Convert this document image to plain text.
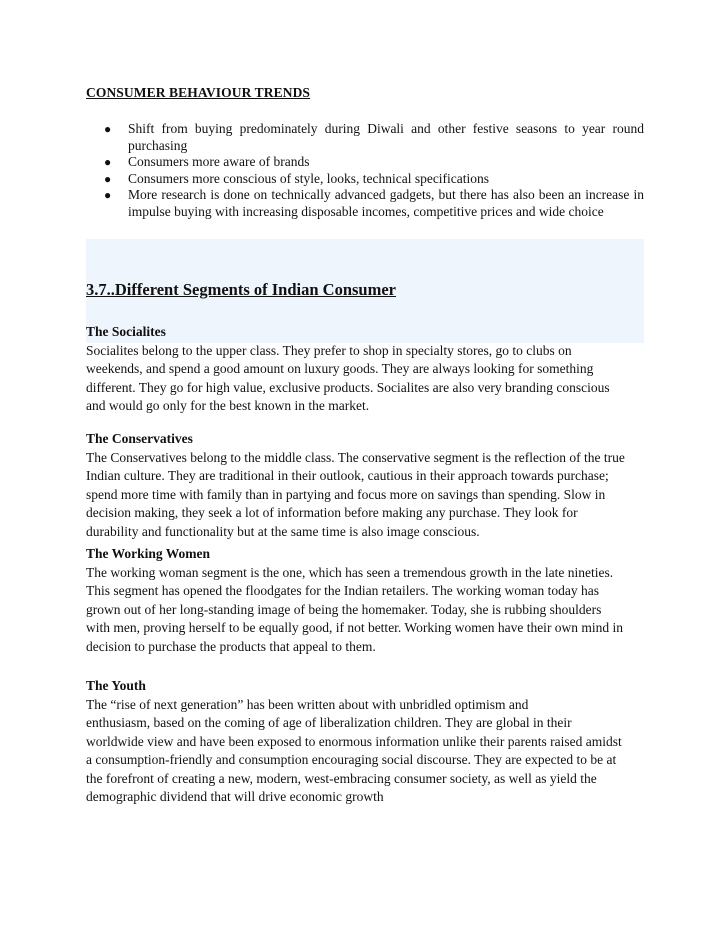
CONSUMER BEHAVIOUR TRENDS
● Shift from buying predominately during Diwali and other festive seasons to year round purchasing
● Consumers more aware of brands
● Consumers more conscious of style, looks, technical specifications
● More research is done on technically advanced gadgets, but there has also been an increase in impulse buying with increasing disposable incomes, competitive prices and wide choice
3.7..Different Segments of Indian Consumer
The Socialites

Socialites belong to the upper class. They prefer to shop in specialty stores, go to clubs on
weekends, and spend a good amount on luxury goods. They are always looking for something
different. They go for high value, exclusive products. Socialites are also very branding conscious
and would go only for the best known in the market.

The Conservatives

The Conservatives belong to the middle class. The conservative segment is the reflection of the true
Indian culture. They are traditional in their outlook, cautious in their approach towards purchase;
spend more time with family than in partying and focus more on savings than spending. Slow in
decision making, they seek a lot of information before making any purchase. They look for
durability and functionality but at the same time is also image conscious.

The Working Women

The working woman segment is the one, which has seen a tremendous growth in the late nineties.
This segment has opened the floodgates for the Indian retailers. The working woman today has
grown out of her long-standing image of being the homemaker. Today, she is rubbing shoulders
with men, proving herself to be equally good, if not better. Working women have their own mind in
decision to purchase the products that appeal to them.

The Youth

The “rise of next generation” has been written about with unbridled optimism and
enthusiasm, based on the coming of age of liberalization children. They are global in their
worldwide view and have been exposed to enormous information unlike their parents raised amidst
a consumption-friendly and consumption encouraging social discourse. They are expected to be at
the forefront of creating a new, modern, west-embracing consumer society, as well as yield the
demographic dividend that will drive economic growth
